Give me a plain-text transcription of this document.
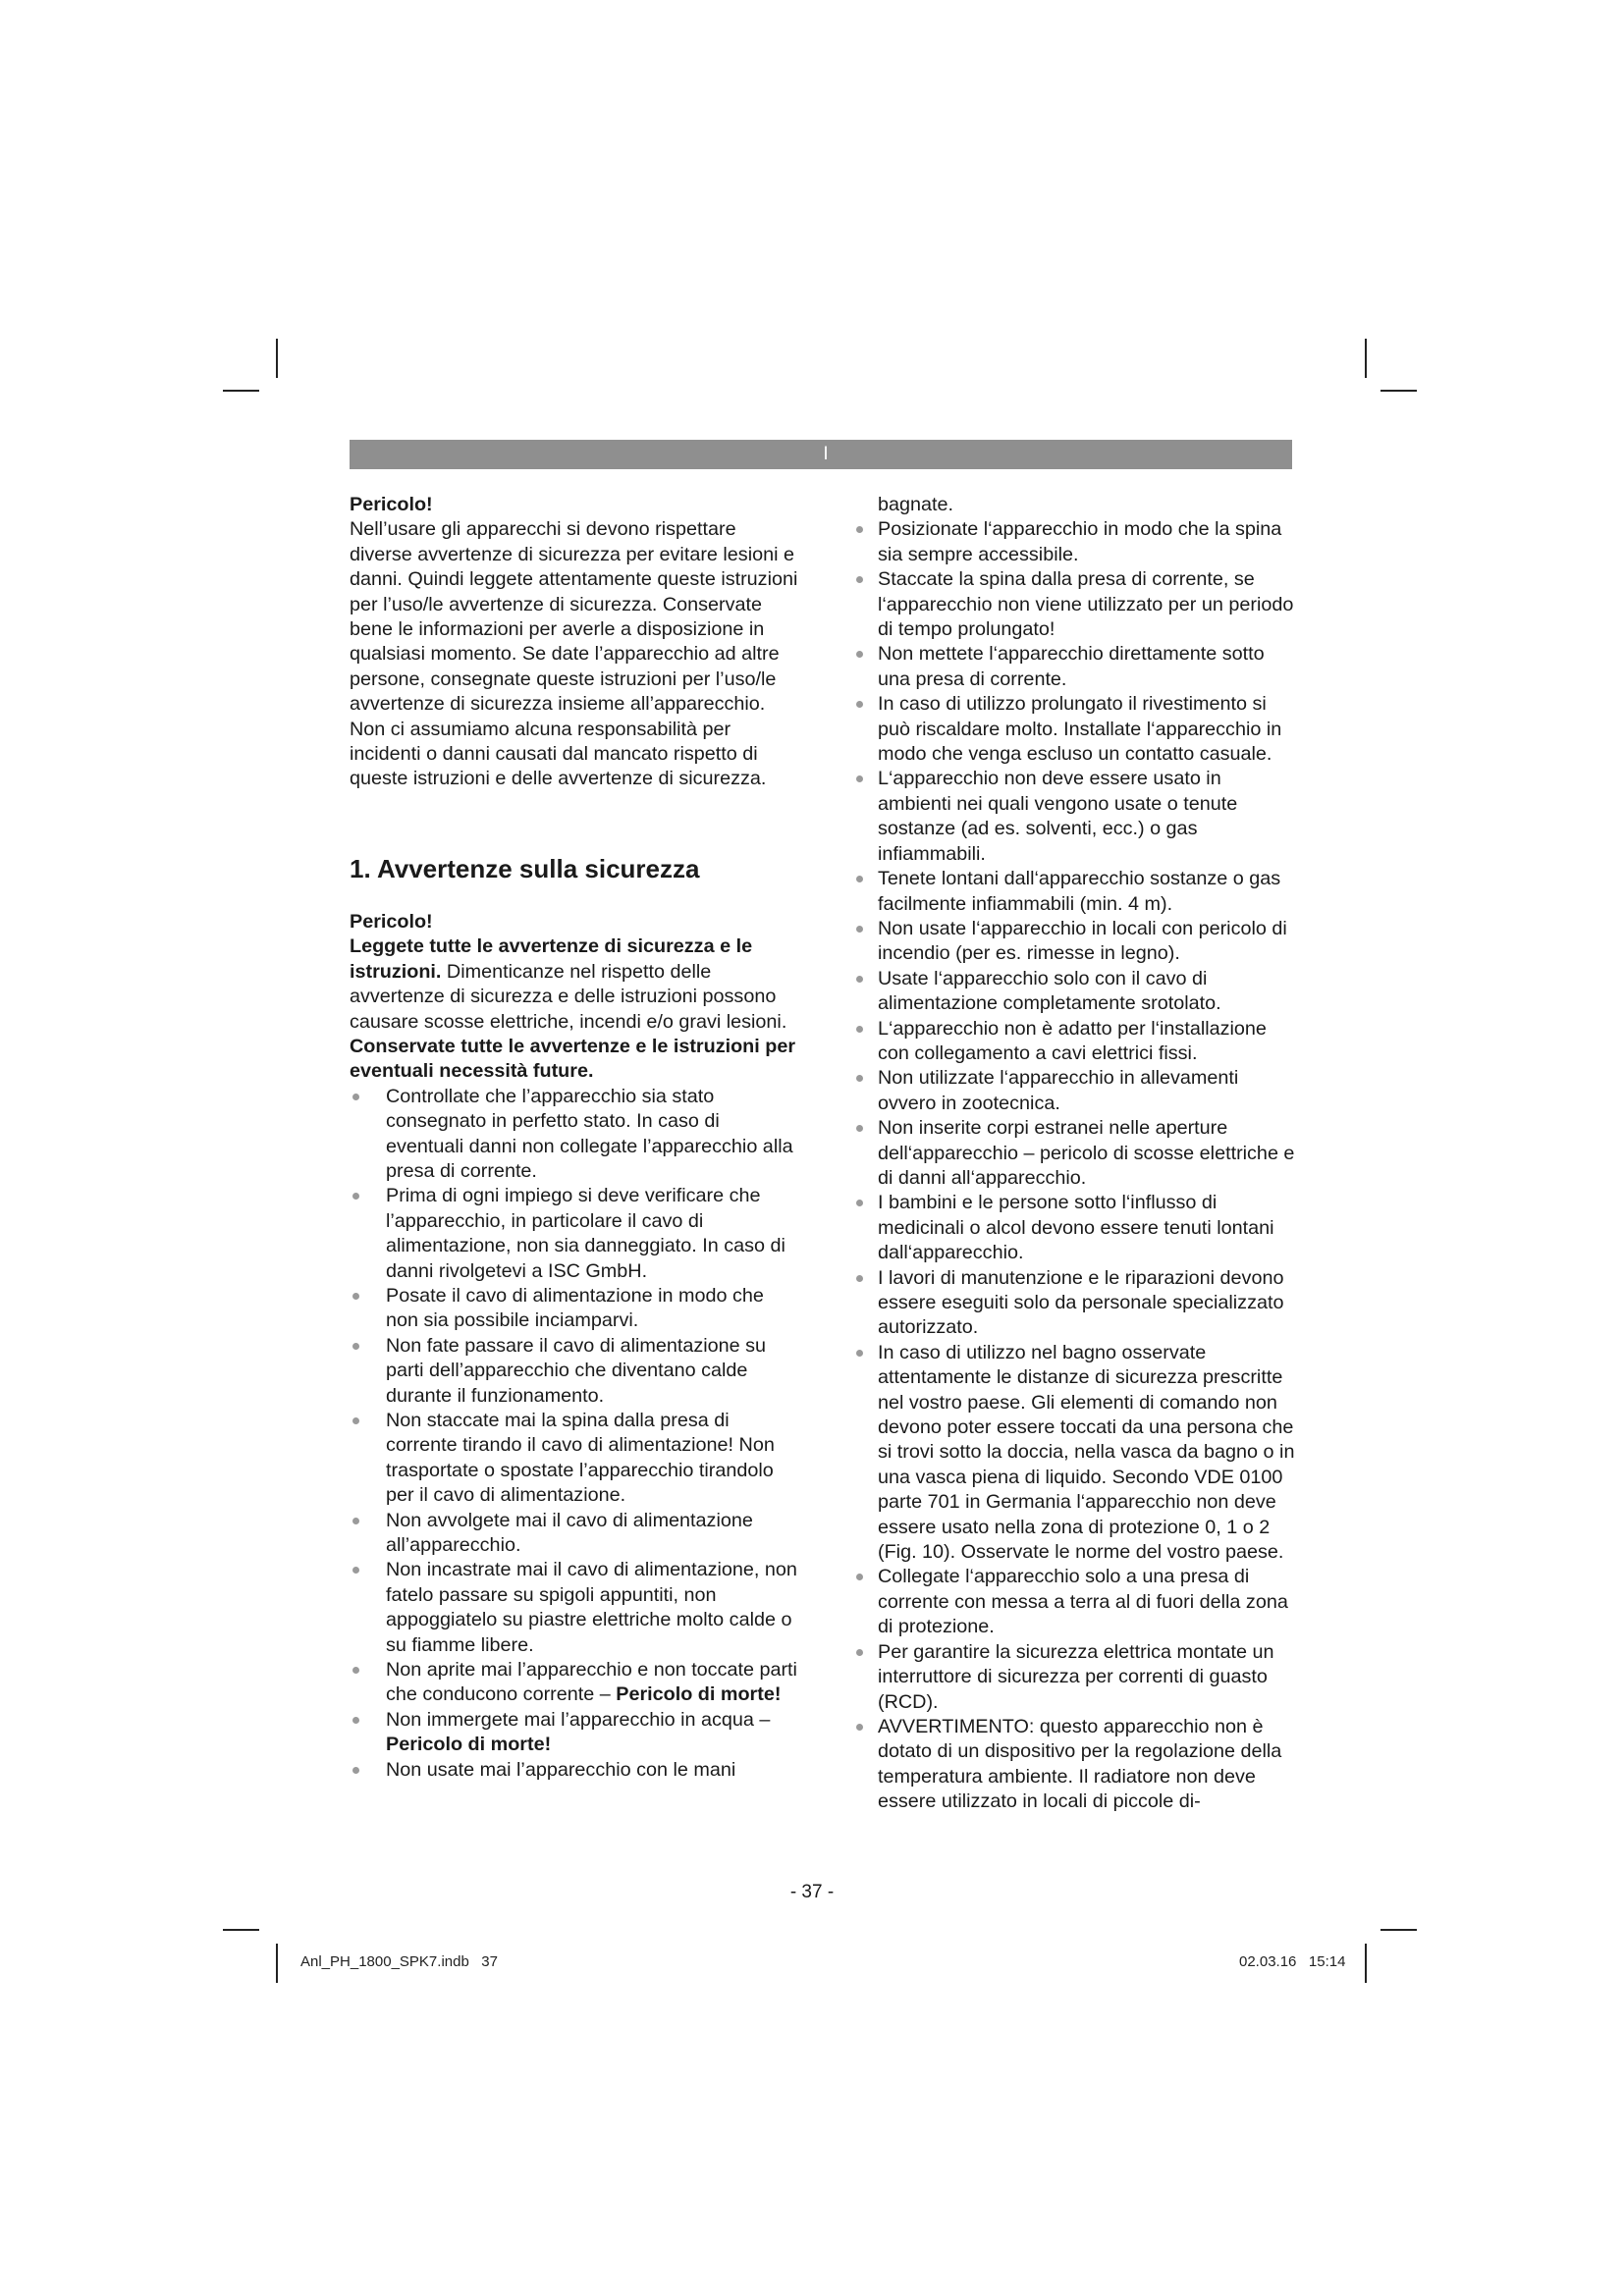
I

Pericolo!

Nell’usare gli apparecchi si devono rispettare diverse avvertenze di sicurezza per evitare lesioni e danni. Quindi leggete attentamente queste istruzioni per l’uso/le avvertenze di sicurezza. Conservate bene le informazioni per averle a disposizione in qualsiasi momento. Se date l’apparecchio ad altre persone, consegnate queste istruzioni per l’uso/le avvertenze di sicurezza insieme all’apparecchio. Non ci assumiamo alcuna responsabilità per incidenti o danni causati dal mancato rispetto di queste istruzioni e delle avvertenze di sicurezza.

1. Avvertenze sulla sicurezza

Pericolo!

Leggete tutte le avvertenze di sicurezza e le istruzioni. Dimenticanze nel rispetto delle avvertenze di sicurezza e delle istruzioni possono causare scosse elettriche, incendi e/o gravi lesioni. Conservate tutte le avvertenze e le istruzioni per eventuali necessità future.

Controllate che l’apparecchio sia stato consegnato in perfetto stato. In caso di eventuali danni non collegate l’apparecchio alla presa di corrente.
Prima di ogni impiego si deve verificare che l’apparecchio, in particolare il cavo di alimentazione, non sia danneggiato. In caso di danni rivolgetevi a ISC GmbH.
Posate il cavo di alimentazione in modo che non sia possibile inciamparvi.
Non fate passare il cavo di alimentazione su parti dell’apparecchio che diventano calde durante il funzionamento.
Non staccate mai la spina dalla presa di corrente tirando il cavo di alimentazione! Non trasportate o spostate l’apparecchio tirandolo per il cavo di alimentazione.
Non avvolgete mai il cavo di alimentazione all’apparecchio.
Non incastrate mai il cavo di alimentazione, non fatelo passare su spigoli appuntiti, non appoggiatelo su piastre elettriche molto calde o su fiamme libere.
Non aprite mai l’apparecchio e non toccate parti che conducono corrente – Pericolo di morte!
Non immergete mai l’apparecchio in acqua – Pericolo di morte!
Non usate mai l’apparecchio con le mani
bagnate.
Posizionate l‘apparecchio in modo che la spina sia sempre accessibile.
Staccate la spina dalla presa di corrente, se l‘apparecchio non viene utilizzato per un periodo di tempo prolungato!
Non mettete l‘apparecchio direttamente sotto una presa di corrente.
In caso di utilizzo prolungato il rivestimento si può riscaldare molto. Installate l‘apparecchio in modo che venga escluso un contatto casuale.
L‘apparecchio non deve essere usato in ambienti nei quali vengono usate o tenute sostanze (ad es. solventi, ecc.) o gas infiammabili.
Tenete lontani dall‘apparecchio sostanze o gas facilmente infiammabili (min. 4 m).
Non usate l‘apparecchio in locali con pericolo di incendio (per es. rimesse in legno).
Usate l‘apparecchio solo con il cavo di alimentazione completamente srotolato.
L‘apparecchio non è adatto per l‘installazione con collegamento a cavi elettrici fissi.
Non utilizzate l‘apparecchio in allevamenti ovvero in zootecnica.
Non inserite corpi estranei nelle aperture dell‘apparecchio – pericolo di scosse elettriche e di danni all‘apparecchio.
I bambini e le persone sotto l‘influsso di medicinali o alcol devono essere tenuti lontani dall‘apparecchio.
I lavori di manutenzione e le riparazioni devono essere eseguiti solo da personale specializzato autorizzato.
In caso di utilizzo nel bagno osservate attentamente le distanze di sicurezza prescritte nel vostro paese. Gli elementi di comando non devono poter essere toccati da una persona che si trovi sotto la doccia, nella vasca da bagno o in una vasca piena di liquido. Secondo VDE 0100 parte 701 in Germania l‘apparecchio non deve essere usato nella zona di protezione 0, 1 o 2 (Fig. 10). Osservate le norme del vostro paese.
Collegate l‘apparecchio solo a una presa di corrente con messa a terra al di fuori della zona di protezione.
Per garantire la sicurezza elettrica montate un interruttore di sicurezza per correnti di guasto (RCD).
AVVERTIMENTO: questo apparecchio non è dotato di un dispositivo per la regolazione della temperatura ambiente. Il radiatore non deve essere utilizzato in locali di piccole di-
- 37 -
Anl_PH_1800_SPK7.indb   37	02.03.16   15:14
